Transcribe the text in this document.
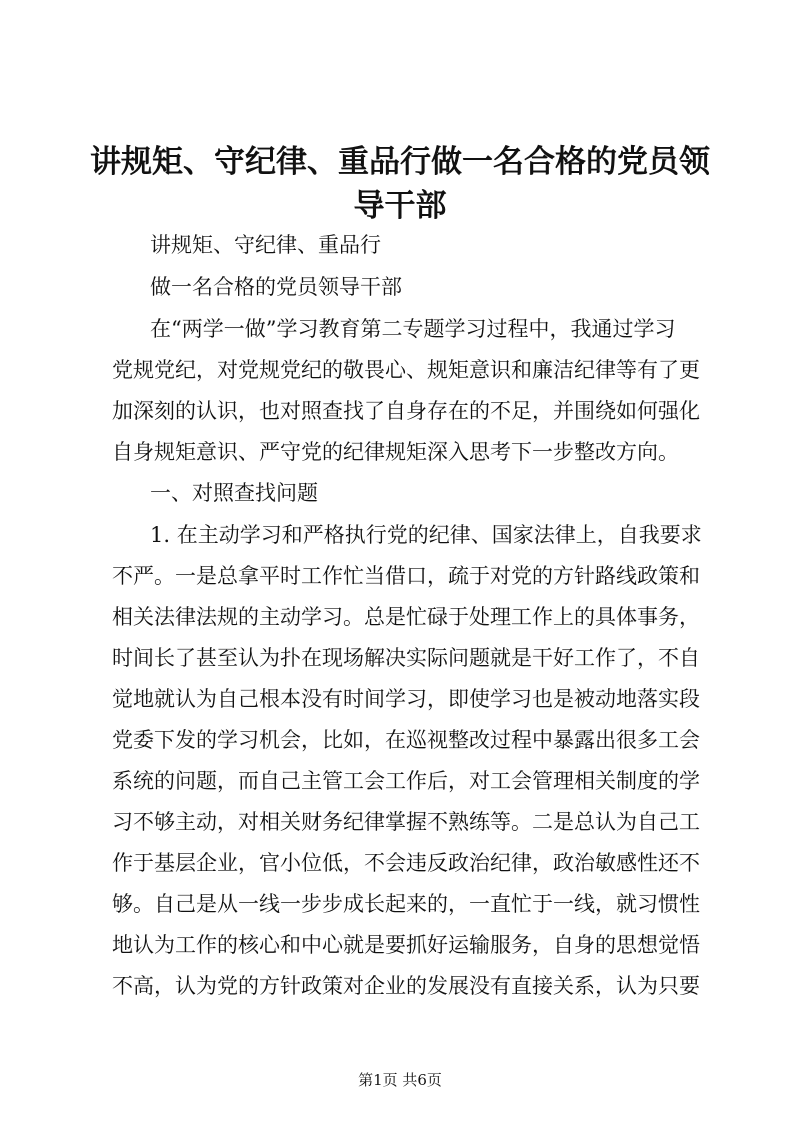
讲规矩、守纪律、重品行做一名合格的党员领
导干部
讲规矩、守纪律、重品行
做一名合格的党员领导干部
在“两学一做”学习教育第二专题学习过程中，我通过学习
党规党纪，对党规党纪的敬畏心、规矩意识和廉洁纪律等有了更
加深刻的认识，也对照查找了自身存在的不足，并围绕如何强化
自身规矩意识、严守党的纪律规矩深入思考下一步整改方向。
一、对照查找问题
1. 在主动学习和严格执行党的纪律、国家法律上，自我要求
不严。一是总拿平时工作忙当借口，疏于对党的方针路线政策和
相关法律法规的主动学习。总是忙碌于处理工作上的具体事务，
时间长了甚至认为扑在现场解决实际问题就是干好工作了，不自
觉地就认为自己根本没有时间学习，即使学习也是被动地落实段
党委下发的学习机会，比如，在巡视整改过程中暴露出很多工会
系统的问题，而自己主管工会工作后，对工会管理相关制度的学
习不够主动，对相关财务纪律掌握不熟练等。二是总认为自己工
作于基层企业，官小位低，不会违反政治纪律，政治敏感性还不
够。自己是从一线一步步成长起来的，一直忙于一线，就习惯性
地认为工作的核心和中心就是要抓好运输服务，自身的思想觉悟
不高，认为党的方针政策对企业的发展没有直接关系，认为只要
第1页 共6页
